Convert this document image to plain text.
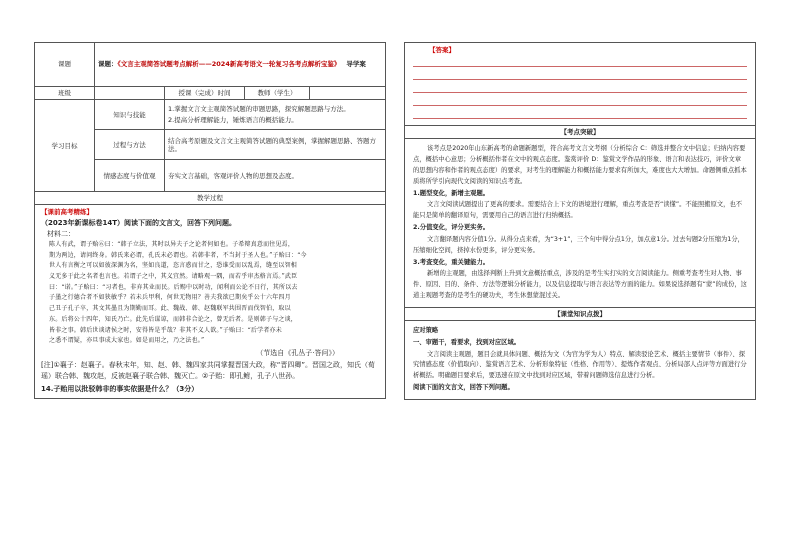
课题	课题：《文言主观简答试题考点解析——2024新高考语文一轮复习各考点解析宝鉴》 导学案			
班级		授课（完成）时间	教师（学生）	
学习目标	知识与技能	1.掌握文言文主观简答试题的审题思路，探究解题思路与方法。
2.提高分析理解能力，锤炼语言的概括能力。		
	过程与方法	结合高考原题及文言文主观简答试题的典型案例，掌握解题思路、答题方法。		
	情感态度与价值观	夯实文言基础，客观评价人物的思想及态度。		
教学过程
【课前高考精练】

（2023年新课标卷14T）阅读下面的文言文，回答下列问题。

材料二：

陈人有武，谓子贻⑥曰：“韩子立法，其时以异夫子之论者何如也。子希辩真意而往见焉，

期为两边，请问终身。韩氏来必谓，孔氏未必谓也。若韩非者，不当封于圣人也。”子贻曰：“今

世人有言衡之可以如彼深渊为名，坚如良道，恣言惑而甘之，恐谁受而以乱焉，缝至以智相

义无多于此之名者也言也。若谓子之中，其义宜然。请略观一隅，而若乎审杰格言焉。”武臣

曰：“诺。”子贻曰：“习者也，非弃其业而民。后赐中以时功，闻利而公论不日行，其所以去

子墨之行德合者不如狭敏乎？若未兵甲利，何世无物用？善夫我欲已期矣乎公十六年四月

己丑子孔子卒，其文其墨且为期勤而耳。此、魏战、韩、赵魏联军共围晋而伐智伯，取以

东。后将公十四年，知氏乃亡。此先后谋谅，而韩非合论之，曾无后者。是则韩子与之谈，

皆非之事。韩后世谈诸侯之时，安得皆是乎哉？非其不义人欲。”子贻曰：“后学者亦未

之悉不谓疑，亦旦事成大家也。如是而用之，乃之法也。”

（节选自《孔丛子·答问》）

[注]①襄子：赵襄子。春秋末年，知、赵、韩、魏四家共同掌握晋国大政，称“晋四卿”。晋国之政，知氏（荀瑶）联合韩、魏攻赵，反被赵襄子联合韩、魏灭亡。②子贻：即孔鲋，孔子八世孙。

14.子贻用以批驳韩非的事实依据是什么？（3分）

【答案】
【考点突破】

该考点是2020年山东新高考的命题新题型，符合高考文言文考纲（分析综合 C：筛选并整合文中信息；归纳内容要点，概括中心意思；分析概括作者在文中的观点态度。鉴赏评价 D：鉴赏文学作品的形象、语言和表达技巧，评价文章的思想内容和作者的观点态度）的要求，对考生的理解能力和概括能力要求有所加大，难度也大大增加。命题侧重点抓本质将所学引向现代文阅读的知识点考查。

1.题型变化，新增主观题。

文言文阅读试题提出了更高的要求。需要结合上下文的语境进行理解，重点考查是否“读懂”。不能照搬原文，也不能只是简单的翻译原句，需要用自己的语言进行归纳概括。

2.分值变化，评分更实务。

文言翻译题内容分值1分。从得分点来看，为“3+1”，三个句中得分点1分，加点意1分。过去句题2分压缩为1分，压缩细化空间，挤掉水份更多，评分更实务。

3.考查变化，重关键能力。

新增的主观题，由选择判断上升到文意概括重点，涉及的是考生实打实的文言阅读能力。侧重考查考生对人物、事件、原因、目的、条件、方法等逻辑分析能力，以及信息提取与语言表达等方面的能力。如果说选择题有“蒙”的成份，这道主观题考查的是考生的硬功夫，考生休想蒙混过关。

【课堂知识点拨】

应对策略

一、审题干，看要求，找到对应区域。

文言阅读主观题，题目会就具体问题、概括为文（为官为学为人）特点、解读驳论艺术、概括主要情节（事件）、探究情感态度（价值取向）、鉴赏语言艺术、分析形象特征（性格、作用等）、提炼作者观点、分析局部人点评等方面进行分析概括。明确题目要求后，要迅速在原文中找到对应区域，带着问题筛选信息进行分析。

阅读下面的文言文，回答下列问题。
